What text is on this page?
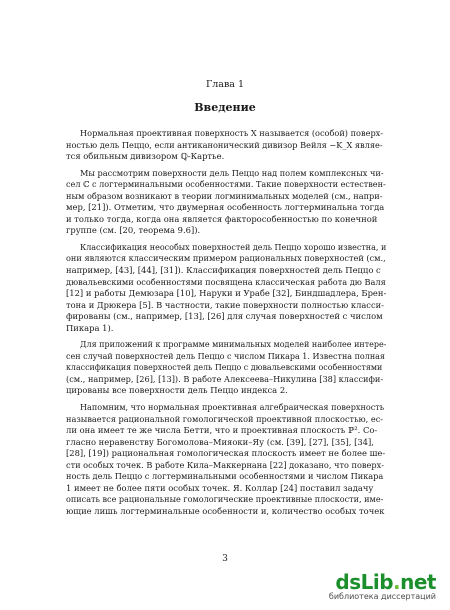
Глава 1
Введение
Нормальная проективная поверхность X называется (особой) поверх-
ностью дель Пеццо, если антиканонический дивизор Вейля −K_X являе-
тся обильным дивизором ℚ-Картье.
Мы рассмотрим поверхности дель Пеццо над полем комплексных чи-
сел ℂ с логтерминальными особенностями. Такие поверхности естествен-
ным образом возникают в теории логминимальных моделей (см., напри-
мер, [21]). Отметим, что двумерная особенность логтерминальна тогда
и только тогда, когда она является факторособенностью по конечной
группе (см. [20, теорема 9.6]).
Классификация неособых поверхностей дель Пеццо хорошо известна, и
они являются классическим примером рациональных поверхностей (см.,
например, [43], [44], [31]). Классификация поверхностей дель Пеццо с
дювальевскими особенностями посвящена классическая работа дю Валя
[12] и работы Демюзара [10], Наруки и Урабе [32], Биндшадлера, Брен-
тона и Дрюкера [5]. В частности, такие поверхности полностью класси-
фированы (см., например, [13], [26] для случая поверхностей с числом
Пикара 1).
Для приложений к программе минимальных моделей наиболее интере-
сен случай поверхностей дель Пеццо с числом Пикара 1. Известна полная
классификация поверхностей дель Пеццо с дювальевскими особенностями
(см., например, [26], [13]). В работе Алексеева–Никулина [38] классифи-
цированы все поверхности дель Пеццо индекса 2.
Напомним, что нормальная проективная алгебраическая поверхность
называется рациональной гомологической проективной плоскостью, ес-
ли она имеет те же числа Бетти, что и проективная плоскость ℙ². Со-
гласно неравенству Богомолова–Мияоки–Яу (см. [39], [27], [35], [34],
[28], [19]) рациональная гомологическая плоскость имеет не более ше-
сти особых точек. В работе Кила–Маккернана [22] доказано, что поверх-
ность дель Пеццо с логтерминальными особенностями и числом Пикара
1 имеет не более пяти особых точек. Я. Коллар [24] поставил задачу
описать все рациональные гомологические проективные плоскости, име-
ющие лишь логтерминальные особенности и, количество особых точек
3
dsLib.net
библиотека диссертаций
